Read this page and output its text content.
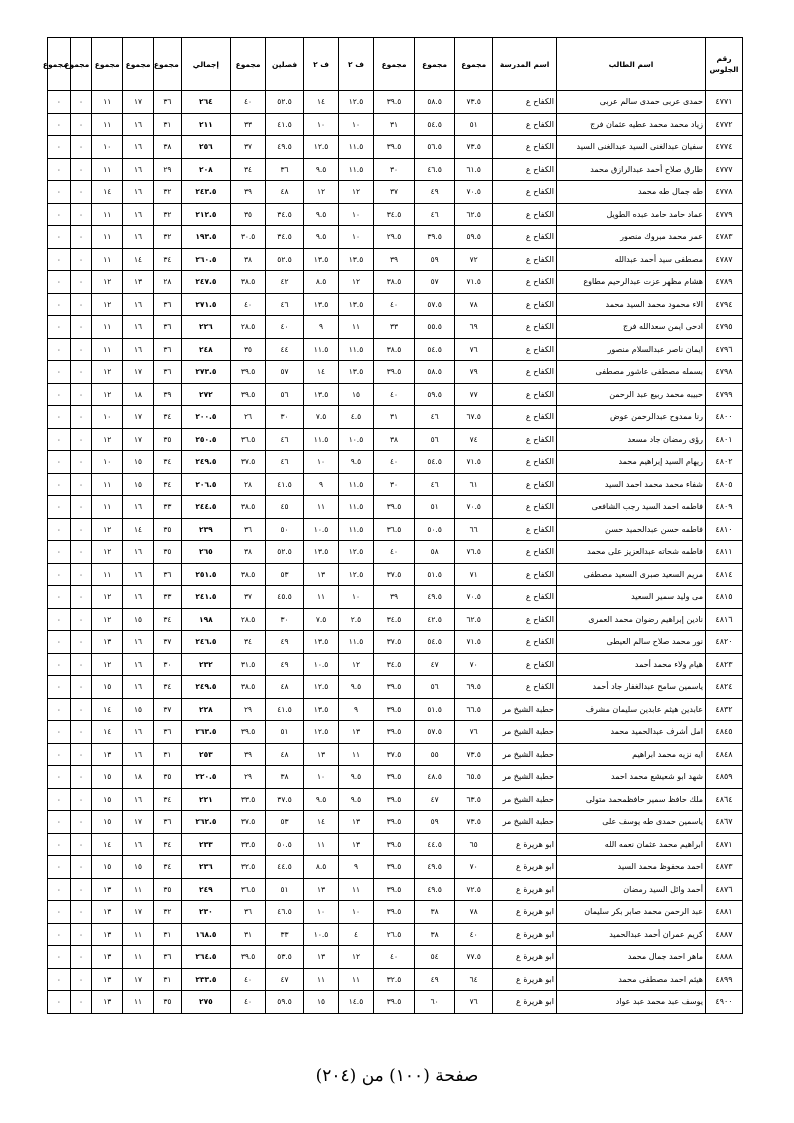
رقم الجلوس	اسم الطالب	اسم المدرسة	مجموع	مجموع	مجموع	ف ٢	ف ٢	فصلين	مجموع	إجمالي	مجموع	مجموع	مجموع	مجموع	مجموع
٤٧٧١	حمدى عربى حمدى سالم عربى	الكفاح ع	٧٣.٥	٥٨.٥	٣٩.٥	١٢.٥	١٤	٥٢.٥	٤٠	٢٦٤	٣٦	١٧	١١	٠	٠
٤٧٧٢	زياد محمد محمد عطيه عثمان فرج	الكفاح ع	٥١	٥٤.٥	٣١	١٠	١٠	٤١.٥	٣٣	٢١١	٣١	١٦	١١	٠	٠
٤٧٧٤	سفيان عبدالغنى السيد عبدالغنى السيد	الكفاح ع	٧٣.٥	٥٦.٥	٣٩.٥	١١.٥	١٢.٥	٤٩.٥	٣٧	٢٥٦	٣٨	١٦	١٠	٠	٠
٤٧٧٧	طارق صلاح أحمد عبدالرازق محمد	الكفاح ع	٦١.٥	٤٦.٥	٣٠	١١.٥	٩.٥	٣٦	٣٤	٢٠٨	٢٩	١٦	١١	٠	٠
٤٧٧٨	طه جمال طه محمد	الكفاح ع	٧٠.٥	٤٩	٣٧	١٢	١٢	٤٨	٣٩	٢٤٣.٥	٣٢	١٦	١٤	٠	٠
٤٧٧٩	عماد حامد حامد عبده الطويل	الكفاح ع	٦٢.٥	٤٦	٣٤.٥	١٠	٩.٥	٣٤.٥	٣٥	٢١٢.٥	٣٢	١٦	١١	٠	٠
٤٧٨٣	عمر محمد مبروك منصور	الكفاح ع	٥٩.٥	٣٩.٥	٢٩.٥	١٠	٩.٥	٣٤.٥	٣٠.٥	١٩٣.٥	٣٢	١٦	١١	٠	٠
٤٧٨٧	مصطفى سيد أحمد عبدالله	الكفاح ع	٧٢	٥٩	٣٩	١٣.٥	١٣.٥	٥٢.٥	٣٨	٢٦٠.٥	٣٤	١٤	١١	٠	٠
٤٧٨٩	هشام مظهر عزت عبدالرحيم مطاوع	الكفاح ع	٧١.٥	٥٧	٣٨.٥	١٢	٨.٥	٤٢	٣٨.٥	٢٤٧.٥	٢٨	١٣	١٢	٠	٠
٤٧٩٤	الاء محمود محمد السيد محمد	الكفاح ع	٧٨	٥٧.٥	٤٠	١٣.٥	١٣.٥	٤٦	٤٠	٢٧١.٥	٣٦	١٦	١٢	٠	٠
٤٧٩٥	ادحى ايمن سعدالله فرج	الكفاح ع	٦٩	٥٥.٥	٣٣	١١	٩	٤٠	٢٨.٥	٢٢٦	٣٦	١٦	١١	٠	٠
٤٧٩٦	ايمان ناصر عبدالسلام منصور	الكفاح ع	٧٦	٥٤.٥	٣٨.٥	١١.٥	١١.٥	٤٤	٣٥	٢٤٨	٣٦	١٦	١١	٠	٠
٤٧٩٨	بسمله مصطفى عاشور مصطفى	الكفاح ع	٧٩	٥٨.٥	٣٩.٥	١٣.٥	١٤	٥٧	٣٩.٥	٢٧٣.٥	٣٦	١٧	١٢	٠	٠
٤٧٩٩	حبيبه محمد ربيع عبد الرحمن	الكفاح ع	٧٧	٥٩.٥	٤٠	١٥	١٣.٥	٥٦	٣٩.٥	٢٧٢	٣٩	١٨	١٢	٠	٠
٤٨٠٠	رنا ممدوح عبدالرحمن عوض	الكفاح ع	٦٧.٥	٤٦	٣١	٤.٥	٧.٥	٣٠	٢٦	٢٠٠.٥	٣٤	١٧	١٠	٠	٠
٤٨٠١	رؤى رمضان جاد مسعد	الكفاح ع	٧٤	٥٦	٣٨	١٠.٥	١١.٥	٤٦	٣٦.٥	٢٥٠.٥	٣٥	١٧	١٢	٠	٠
٤٨٠٢	ريهام السيد إبراهيم محمد	الكفاح ع	٧١.٥	٥٤.٥	٤٠	٩.٥	١٠	٤٦	٣٧.٥	٢٤٩.٥	٣٤	١٥	١٠	٠	٠
٤٨٠٥	شفاء محمد محمد احمد السيد	الكفاح ع	٦١	٤٦	٣٠	١١.٥	٩	٤١.٥	٢٨	٢٠٦.٥	٣٤	١٥	١١	٠	٠
٤٨٠٩	فاطمه احمد السيد رجب الشافعى	الكفاح ع	٧٠.٥	٥١	٣٩.٥	١١.٥	١١	٤٥	٣٨.٥	٢٤٤.٥	٣٣	١٦	١١	٠	٠
٤٨١٠	فاطمه حسن عبدالحميد حسن	الكفاح ع	٦٦	٥٠.٥	٣٦.٥	١١.٥	١٠.٥	٥٠	٣٦	٢٣٩	٣٥	١٤	١٢	٠	٠
٤٨١١	فاطمه شحاته عبدالعزيز على محمد	الكفاح ع	٧٦.٥	٥٨	٤٠	١٢.٥	١٣.٥	٥٢.٥	٣٨	٢٦٥	٣٥	١٦	١٢	٠	٠
٤٨١٤	مريم السعيد صبرى السعيد مصطفى	الكفاح ع	٧١	٥١.٥	٣٧.٥	١٢.٥	١٣	٥٣	٣٨.٥	٢٥١.٥	٣٦	١٦	١١	٠	٠
٤٨١٥	مى وليد سمير السعيد	الكفاح ع	٧٠.٥	٤٩.٥	٣٩	١٠	١١	٤٥.٥	٣٧	٢٤١.٥	٣٣	١٦	١٢	٠	٠
٤٨١٦	نادين إبراهيم رضوان محمد العمرى	الكفاح ع	٦٢.٥	٤٢.٥	٣٤.٥	٢.٥	٧.٥	٣٠	٢٨.٥	١٩٨	٣٤	١٥	١٢	٠	٠
٤٨٢٠	نور محمد صلاح سالم العيطى	الكفاح ع	٧١.٥	٥٤.٥	٣٧.٥	١١.٥	١٣.٥	٤٩	٣٤	٢٤٦.٥	٣٧	١٦	١٣	٠	٠
٤٨٢٣	هيام ولاء محمد أحمد	الكفاح ع	٧٠	٤٧	٣٤.٥	١٢	١٠.٥	٤٩	٣١.٥	٢٣٢	٣٠	١٦	١٢	٠	٠
٤٨٢٤	ياسمين سامح عبدالغفار جاد أحمد	الكفاح ع	٦٩.٥	٥٦	٣٩.٥	٩.٥	١٢.٥	٤٨	٣٨.٥	٢٤٩.٥	٣٤	١٦	١٥	٠	٠
٤٨٣٢	عابدين هيثم عابدين سليمان مشرف	حطبة الشيخ مر	٦٦.٥	٥١.٥	٣٩.٥	٩	١٣.٥	٤١.٥	٢٩	٢٢٨	٣٧	١٥	١٤	٠	٠
٤٨٤٥	امل أشرف عبدالحميد محمد	حطبة الشيخ مر	٧٦	٥٧.٥	٣٩.٥	١٣	١٢.٥	٥١	٣٩.٥	٢٦٣.٥	٣٦	١٦	١٤	٠	٠
٤٨٤٨	ايه نزيه محمد ابراهيم	حطبة الشيخ مر	٧٣.٥	٥٥	٣٧.٥	١١	١٣	٤٨	٣٩	٢٥٣	٣١	١٦	١٣	٠	٠
٤٨٥٩	شهد ابو شعيشع محمد احمد	حطبة الشيخ مر	٦٥.٥	٤٨.٥	٣٩.٥	٩.٥	١٠	٣٨	٢٩	٢٢٠.٥	٣٥	١٨	١٥	٠	٠
٤٨٦٤	ملك حافظ سمير حافظمحمد متولى	حطبة الشيخ مر	٦٣.٥	٤٧	٣٩.٥	٩.٥	٩.٥	٣٧.٥	٣٣.٥	٢٢١	٣٤	١٦	١٥	٠	٠
٤٨٦٧	ياسمين حمدى طه يوسف على	حطبة الشيخ مر	٧٣.٥	٥٩	٣٩.٥	١٣	١٤	٥٣	٣٧.٥	٢٦٢.٥	٣٦	١٧	١٥	٠	٠
٤٨٧١	ابراهيم محمد عثمان نعمه الله	ابو هريرة ع	٦٥	٤٤.٥	٣٩.٥	١٣	١١	٥٠.٥	٣٣.٥	٢٣٣	٣٤	١٦	١٤	٠	٠
٤٨٧٣	احمد محفوظ محمد السيد	ابو هريرة ع	٧٠	٤٩.٥	٣٩.٥	٩	٨.٥	٤٤.٥	٣٢.٥	٢٣٦	٣٤	١٥	١٥	٠	٠
٤٨٧٦	أحمد وائل السيد رمضان	ابو هريرة ع	٧٢.٥	٤٩.٥	٣٩.٥	١١	١٣	٥١	٣٦.٥	٢٤٩	٣٥	١١	١٣	٠	٠
٤٨٨١	عبد الرحمن محمد صابر بكر سليمان	ابو هريرة ع	٧٨	٣٨	٣٩.٥	١٠	١٠	٤٦.٥	٣٦	٢٣٠	٣٢	١٧	١٣	٠	٠
٤٨٨٧	كريم عمران أحمد عبدالحميد	ابو هريرة ع	٤٠	٣٨	٢٦.٥	٤	١٠.٥	٣٣	٣١	١٦٨.٥	٣١	١١	١٣	٠	٠
٤٨٨٨	ماهر احمد جمال محمد	ابو هريرة ع	٧٧.٥	٥٤	٤٠	١٢	١٣	٥٣.٥	٣٩.٥	٢٦٤.٥	٣٦	١١	١٣	٠	٠
٤٨٩٩	هيثم احمد مصطفى محمد	ابو هريرة ع	٦٤	٤٩	٣٢.٥	١١	١١	٤٧	٤٠	٢٣٣.٥	٣١	١٧	١٣	٠	٠
٤٩٠٠	يوسف عبد محمد عبد عواد	ابو هريرة ع	٧٦	٦٠	٣٩.٥	١٤.٥	١٥	٥٩.٥	٤٠	٢٧٥	٣٥	١١	١٣	٠	٠
صفحة (١٠٠) من (٢٠٤)
